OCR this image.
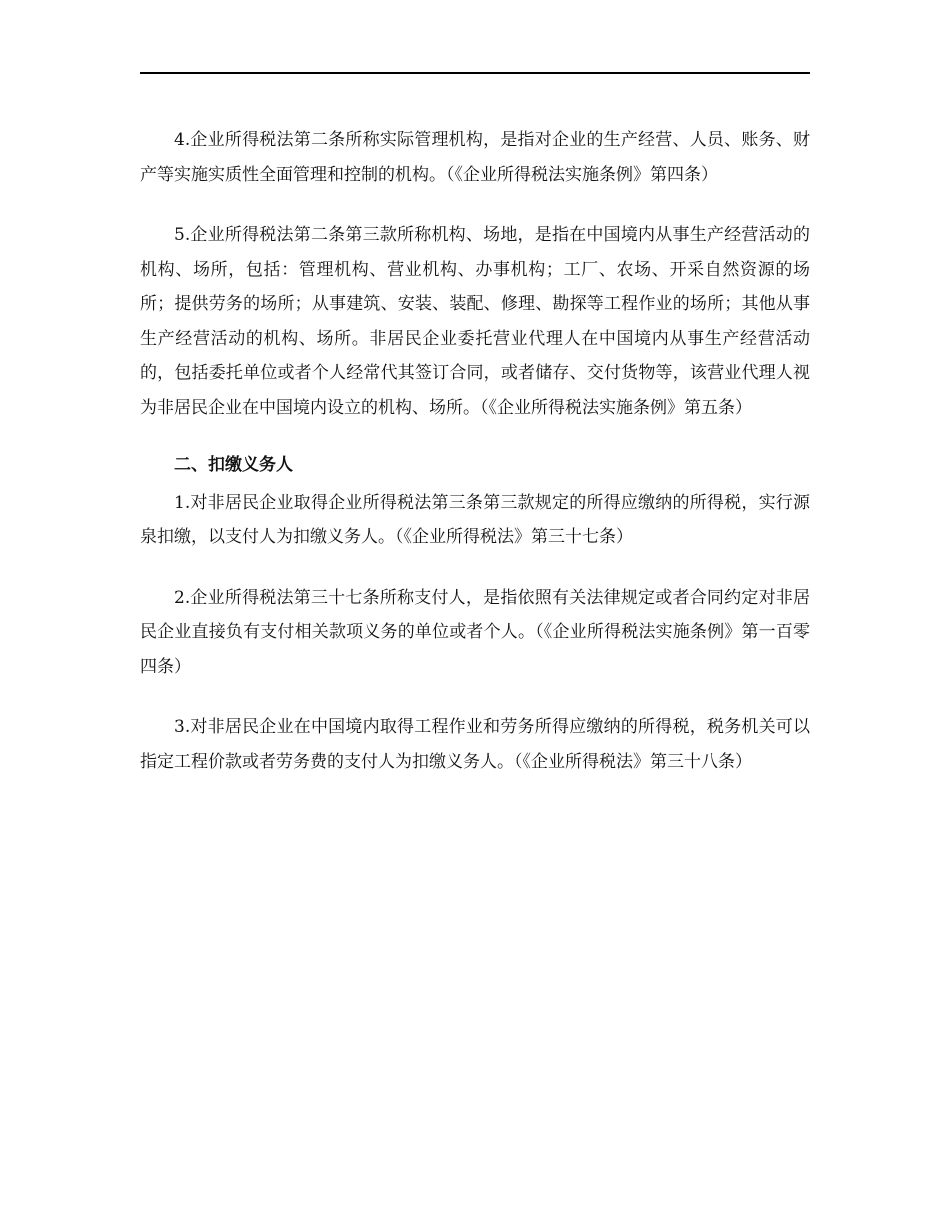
4.企业所得税法第二条所称实际管理机构，是指对企业的生产经营、人员、账务、财产等实施实质性全面管理和控制的机构。（《企业所得税法实施条例》第四条）

5.企业所得税法第二条第三款所称机构、场地，是指在中国境内从事生产经营活动的机构、场所，包括：管理机构、营业机构、办事机构；工厂、农场、开采自然资源的场所；提供劳务的场所；从事建筑、安装、装配、修理、勘探等工程作业的场所；其他从事生产经营活动的机构、场所。非居民企业委托营业代理人在中国境内从事生产经营活动的，包括委托单位或者个人经常代其签订合同，或者储存、交付货物等，该营业代理人视为非居民企业在中国境内设立的机构、场所。（《企业所得税法实施条例》第五条）

二、扣缴义务人

1.对非居民企业取得企业所得税法第三条第三款规定的所得应缴纳的所得税，实行源泉扣缴，以支付人为扣缴义务人。（《企业所得税法》第三十七条）

2.企业所得税法第三十七条所称支付人，是指依照有关法律规定或者合同约定对非居民企业直接负有支付相关款项义务的单位或者个人。（《企业所得税法实施条例》第一百零四条）

3.对非居民企业在中国境内取得工程作业和劳务所得应缴纳的所得税，税务机关可以指定工程价款或者劳务费的支付人为扣缴义务人。（《企业所得税法》第三十八条）
